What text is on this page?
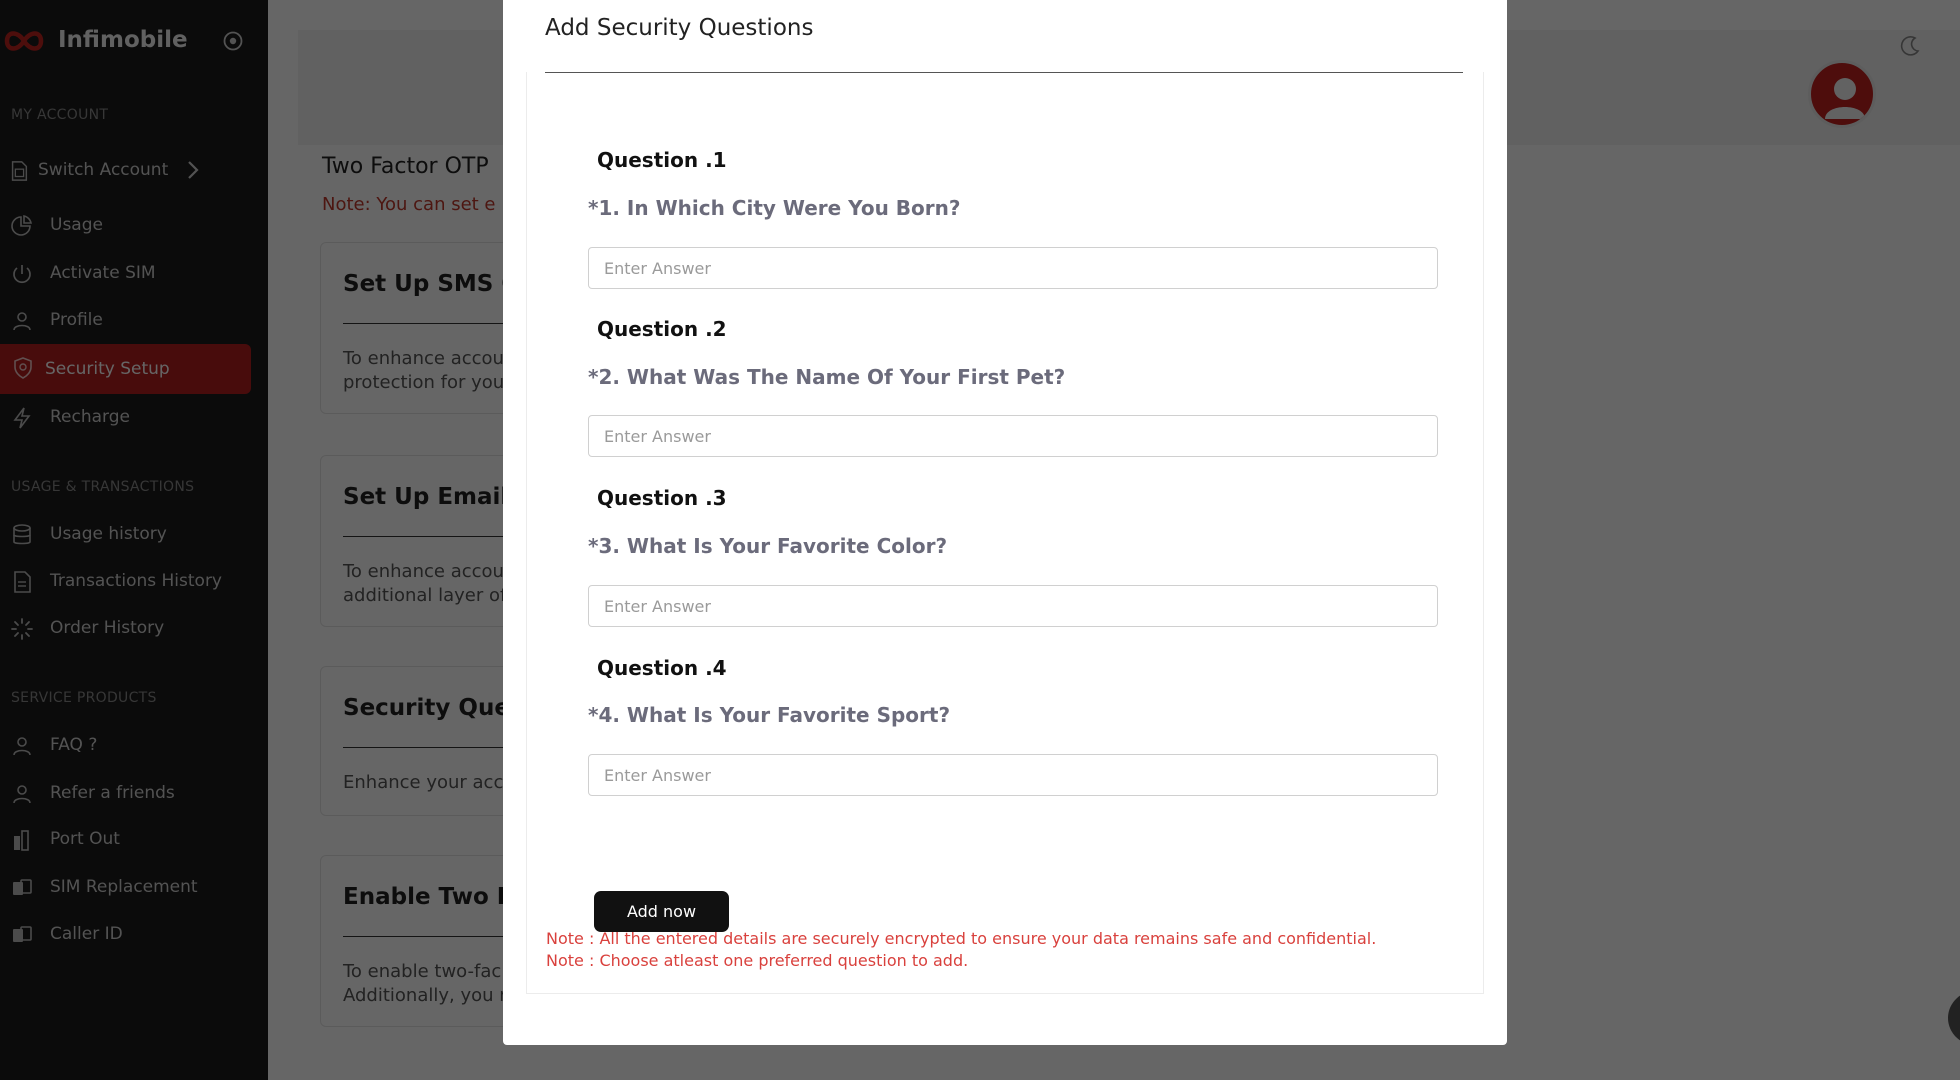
Add Security Questions
Question .1
*1. In Which City Were You Born?
Enter Answer
Question .2
*2. What Was The Name Of Your First Pet?
Enter Answer
Question .3
*3. What Is Your Favorite Color?
Enter Answer
Question .4
*4. What Is Your Favorite Sport?
Enter Answer
Add now
Note : All the entered details are securely encrypted to ensure your data remains safe and confidential.
Note : Choose atleast one preferred question to add.
